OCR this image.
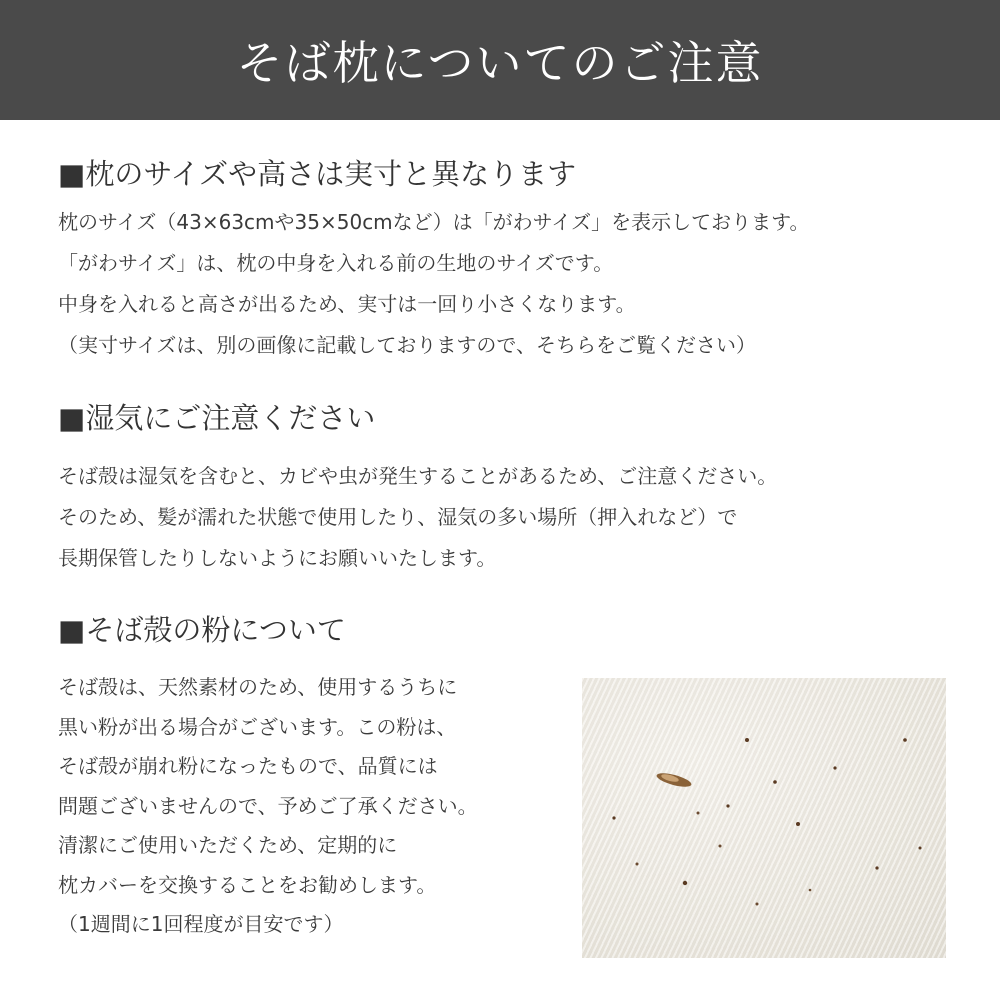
そば枕についてのご注意
■枕のサイズや高さは実寸と異なります

枕のサイズ（43×63cmや35×50cmなど）は「がわサイズ」を表示しております。

「がわサイズ」は、枕の中身を入れる前の生地のサイズです。

中身を入れると高さが出るため、実寸は一回り小さくなります。

（実寸サイズは、別の画像に記載しておりますので、そちらをご覧ください）

■湿気にご注意ください

そば殻は湿気を含むと、カビや虫が発生することがあるため、ご注意ください。

そのため、髪が濡れた状態で使用したり、湿気の多い場所（押入れなど）で

長期保管したりしないようにお願いいたします。

■そば殻の粉について

そば殻は、天然素材のため、使用するうちに

黒い粉が出る場合がございます。この粉は、

そば殻が崩れ粉になったもので、品質には

問題ございませんので、予めご了承ください。

清潔にご使用いただくため、定期的に

枕カバーを交換することをお勧めします。

（1週間に1回程度が目安です）
